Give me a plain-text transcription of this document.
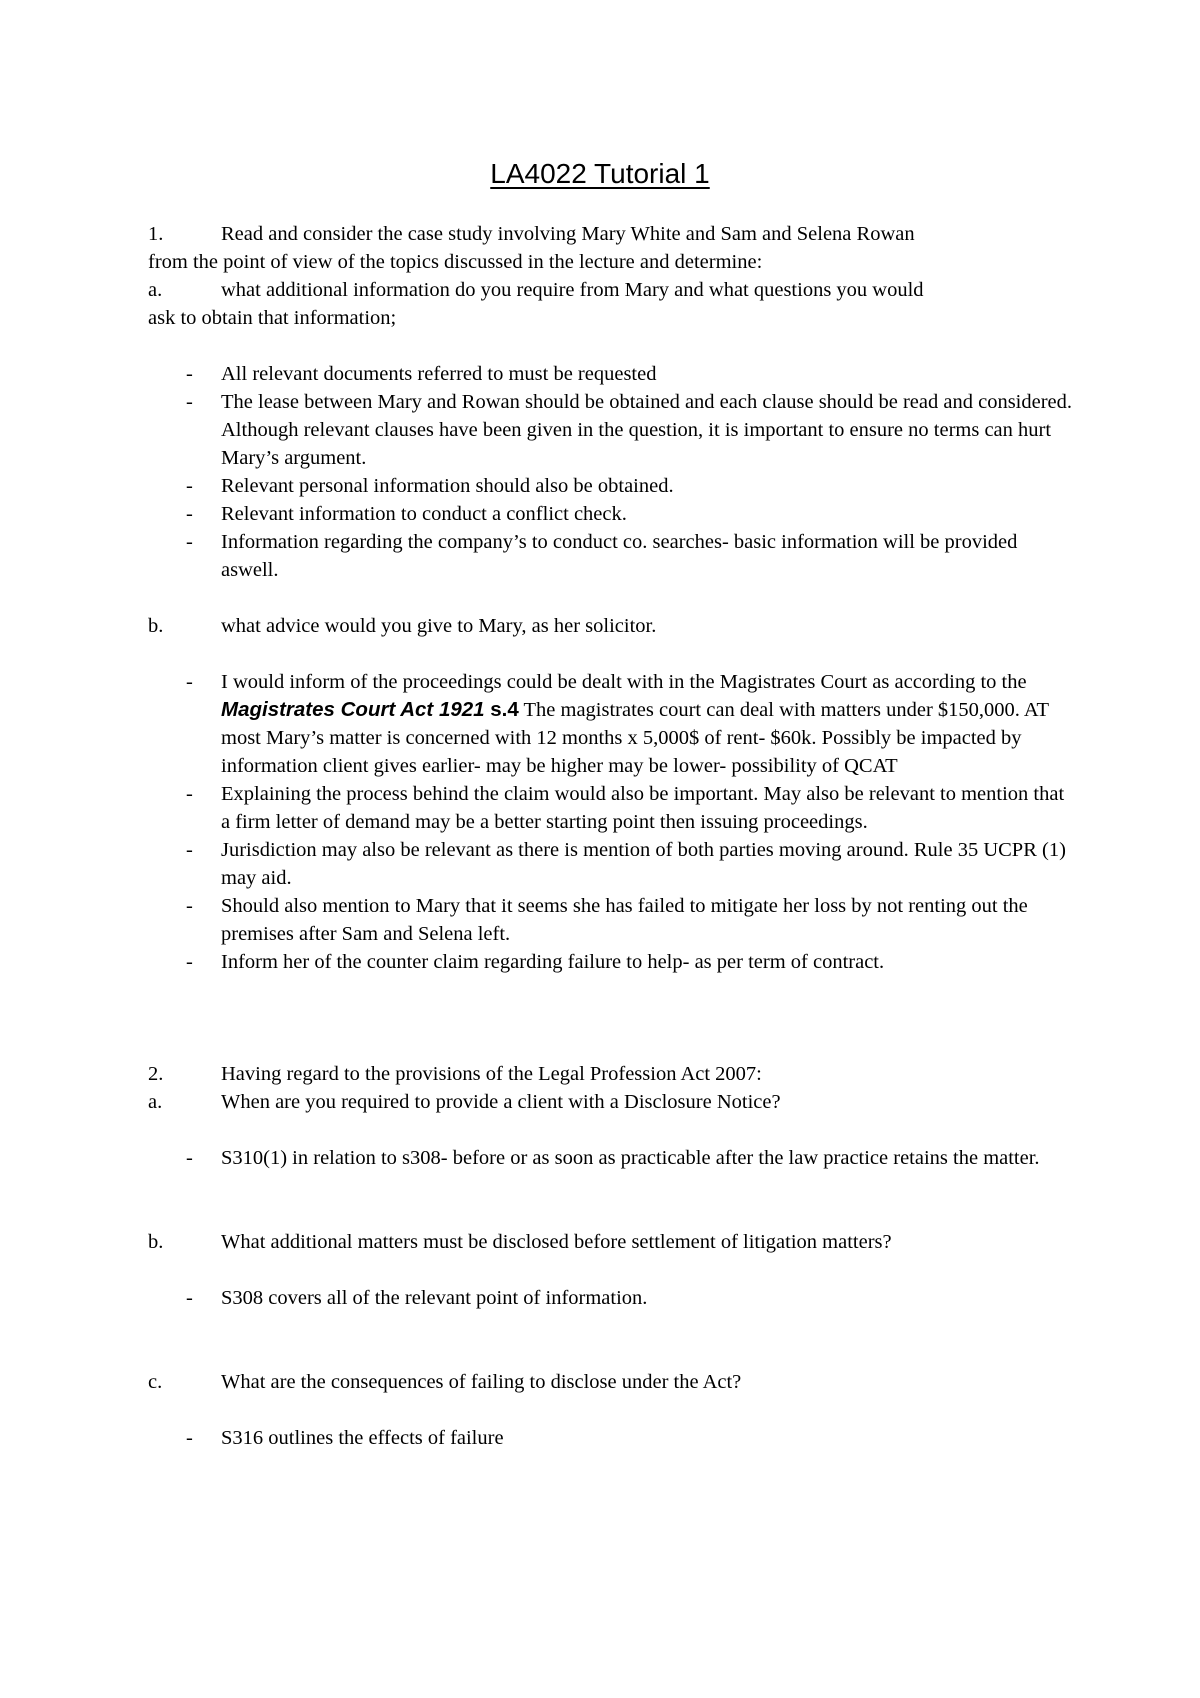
LA4022 Tutorial 1
1.	Read and consider the case study involving Mary White and Sam and Selena Rowan

from the point of view of the topics discussed in the lecture and determine:

a.	what additional information do you require from Mary and what questions you would

ask to obtain that information;

-	All relevant documents referred to must be requested
-	The lease between Mary and Rowan should be obtained and each clause should be read and considered. Although relevant clauses have been given in the question, it is important to ensure no terms can hurt Mary’s argument.
-	Relevant personal information should also be obtained.
-	Relevant information to conduct a conflict check.
-	Information regarding the company’s to conduct co. searches- basic information will be provided aswell.
b.	what advice would you give to Mary, as her solicitor.
-	I would inform of the proceedings could be dealt with in the Magistrates Court as according to the Magistrates Court Act 1921 s.4 The magistrates court can deal with matters under $150,000. AT most Mary’s matter is concerned with 12 months x 5,000$ of rent- $60k. Possibly be impacted by information client gives earlier- may be higher may be lower- possibility of QCAT
-	Explaining the process behind the claim would also be important. May also be relevant to mention that a firm letter of demand may be a better starting point then issuing proceedings.
-	Jurisdiction may also be relevant as there is mention of both parties moving around. Rule 35 UCPR (1) may aid.
-	Should also mention to Mary that it seems she has failed to mitigate her loss by not renting out the premises after Sam and Selena left.
-	Inform her of the counter claim regarding failure to help- as per term of contract.
2.	Having regard to the provisions of the Legal Profession Act 2007:
a.	When are you required to provide a client with a Disclosure Notice?
-	S310(1) in relation to s308- before or as soon as practicable after the law practice retains the matter.
b.	What additional matters must be disclosed before settlement of litigation matters?
-	S308 covers all of the relevant point of information.
c.	What are the consequences of failing to disclose under the Act?
-	S316 outlines the effects of failure
